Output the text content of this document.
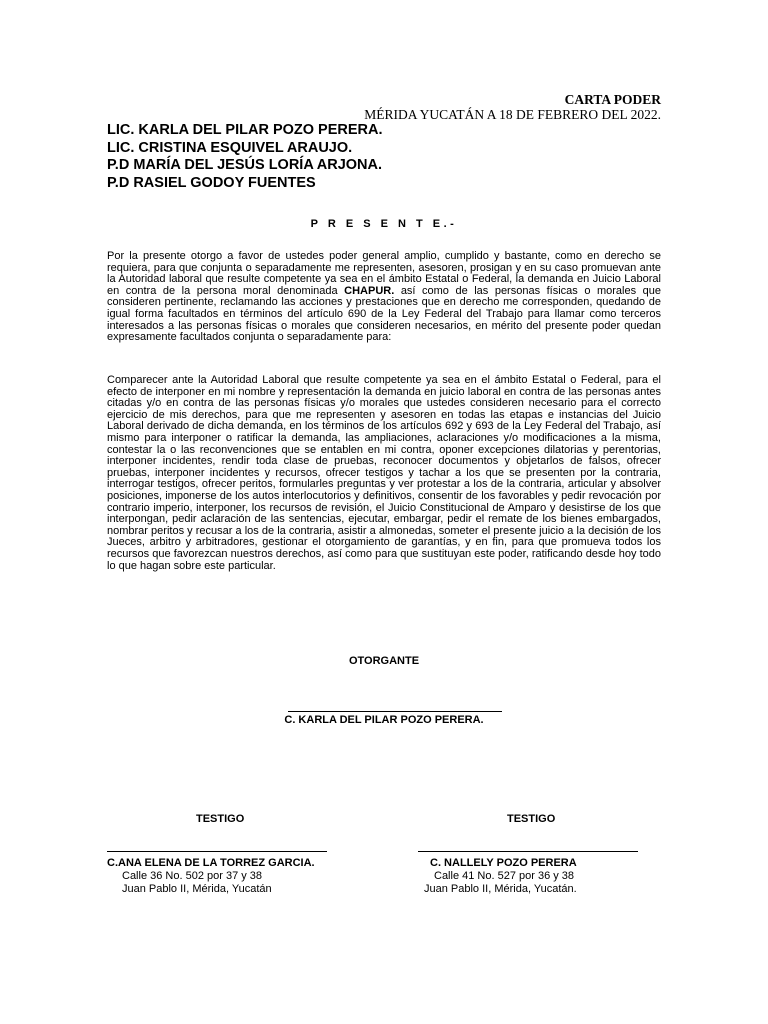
CARTA PODER
MÉRIDA YUCATÁN A 18 DE FEBRERO DEL 2022.
LIC. KARLA DEL PILAR POZO PERERA.
LIC. CRISTINA ESQUIVEL ARAUJO.
P.D MARÍA DEL JESÚS LORÍA ARJONA.
P.D RASIEL GODOY FUENTES
P R E S E N T E.-
Por la presente otorgo a favor de ustedes poder general amplio, cumplido y bastante, como en derecho se requiera, para que conjunta o separadamente me representen, asesoren, prosigan y en su caso promuevan ante la Autoridad laboral que resulte competente ya sea en el ámbito Estatal o Federal, la demanda en Juicio Laboral en contra de la persona moral denominada CHAPUR. así como de las personas físicas o morales que consideren pertinente, reclamando las acciones y prestaciones que en derecho me corresponden, quedando de igual forma facultados en términos del artículo 690 de la Ley Federal del Trabajo para llamar como terceros interesados a las personas físicas o morales que consideren necesarios, en mérito del presente poder quedan expresamente facultados conjunta o separadamente para:
Comparecer ante la Autoridad Laboral que resulte competente ya sea en el ámbito Estatal o Federal, para el efecto de interponer en mi nombre y representación la demanda en juicio laboral en contra de las personas antes citadas y/o en contra de las personas físicas y/o morales que ustedes consideren necesario para el correcto ejercicio de mis derechos, para que me representen y asesoren en todas las etapas e instancias del Juicio Laboral derivado de dicha demanda, en los términos de los artículos 692 y 693 de la Ley Federal del Trabajo, así mismo para interponer o ratificar la demanda, las ampliaciones, aclaraciones y/o modificaciones a la misma, contestar la o las reconvenciones que se entablen en mi contra, oponer excepciones dilatorias y perentorias, interponer incidentes, rendir toda clase de pruebas, reconocer documentos y objetarlos de falsos, ofrecer pruebas, interponer incidentes y recursos, ofrecer testigos y tachar a los que se presenten por la contraria, interrogar testigos, ofrecer peritos, formularles preguntas y ver protestar a los de la contraria, articular y absolver posiciones, imponerse de los autos interlocutorios y definitivos, consentir de los favorables y pedir revocación por contrario imperio, interponer, los recursos de revisión, el Juicio Constitucional de Amparo y desistirse de los que interpongan, pedir aclaración de las sentencias, ejecutar, embargar, pedir el remate de los bienes embargados, nombrar peritos y recusar a los de la contraria, asistir a almonedas, someter el presente juicio a la decisión de los Jueces, arbitro y arbitradores, gestionar el otorgamiento de garantías, y en fin, para que promueva todos los recursos que favorezcan nuestros derechos, así como para que sustituyan este poder, ratificando desde hoy todo lo que hagan sobre este particular.
OTORGANTE
C. KARLA DEL PILAR POZO PERERA.
TESTIGO	TESTIGO
C.ANA ELENA DE LA TORREZ GARCIA.	C. NALLELY POZO PERERA
Calle 36 No. 502 por 37 y 38
Juan Pablo II, Mérida, Yucatán
Calle 41 No. 527 por 36 y 38
Juan Pablo II, Mérida, Yucatán.
